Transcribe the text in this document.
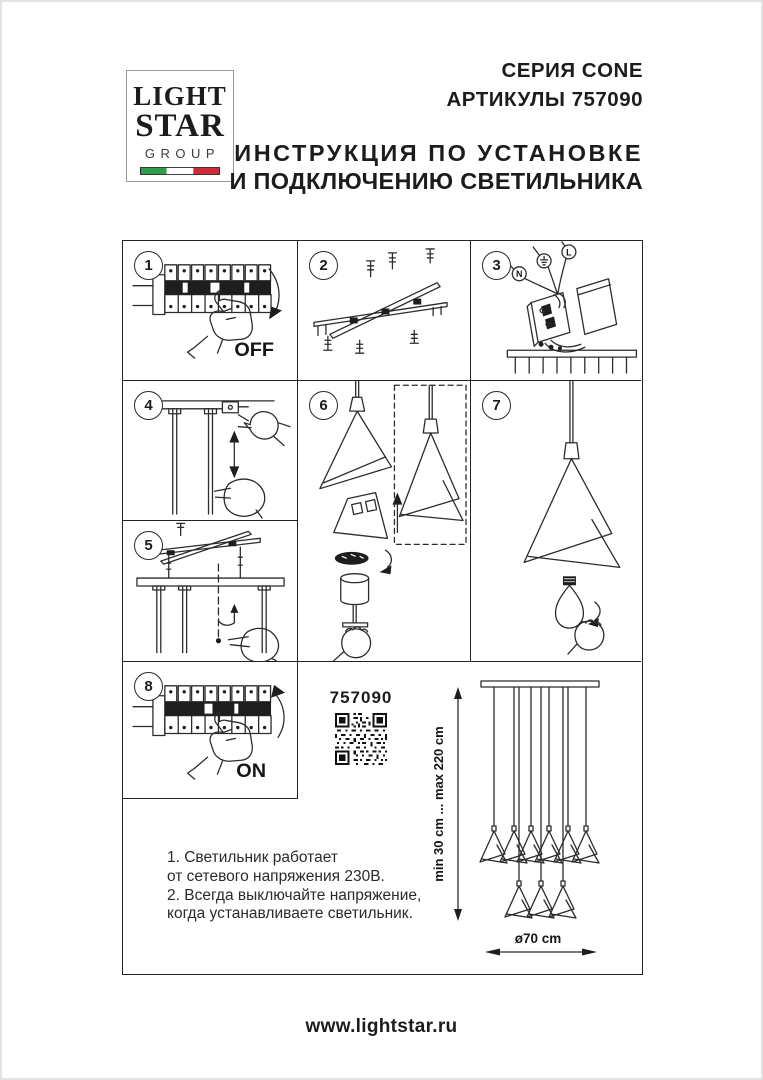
LIGHT
STAR
GROUP
СЕРИЯ CONE
АРТИКУЛЫ 757090
ИНСТРУКЦИЯ ПО УСТАНОВКЕ
И ПОДКЛЮЧЕНИЮ СВЕТИЛЬНИКА
1
OFF
2	3
N
L
4	6	7
5
8
ON
757090
min 30 cm ... max 220 cm
ø70 cm
1. Светильник работает
от сетевого напряжения 230В.
2. Всегда выключайте напряжение,
когда устанавливаете светильник.
www.lightstar.ru
